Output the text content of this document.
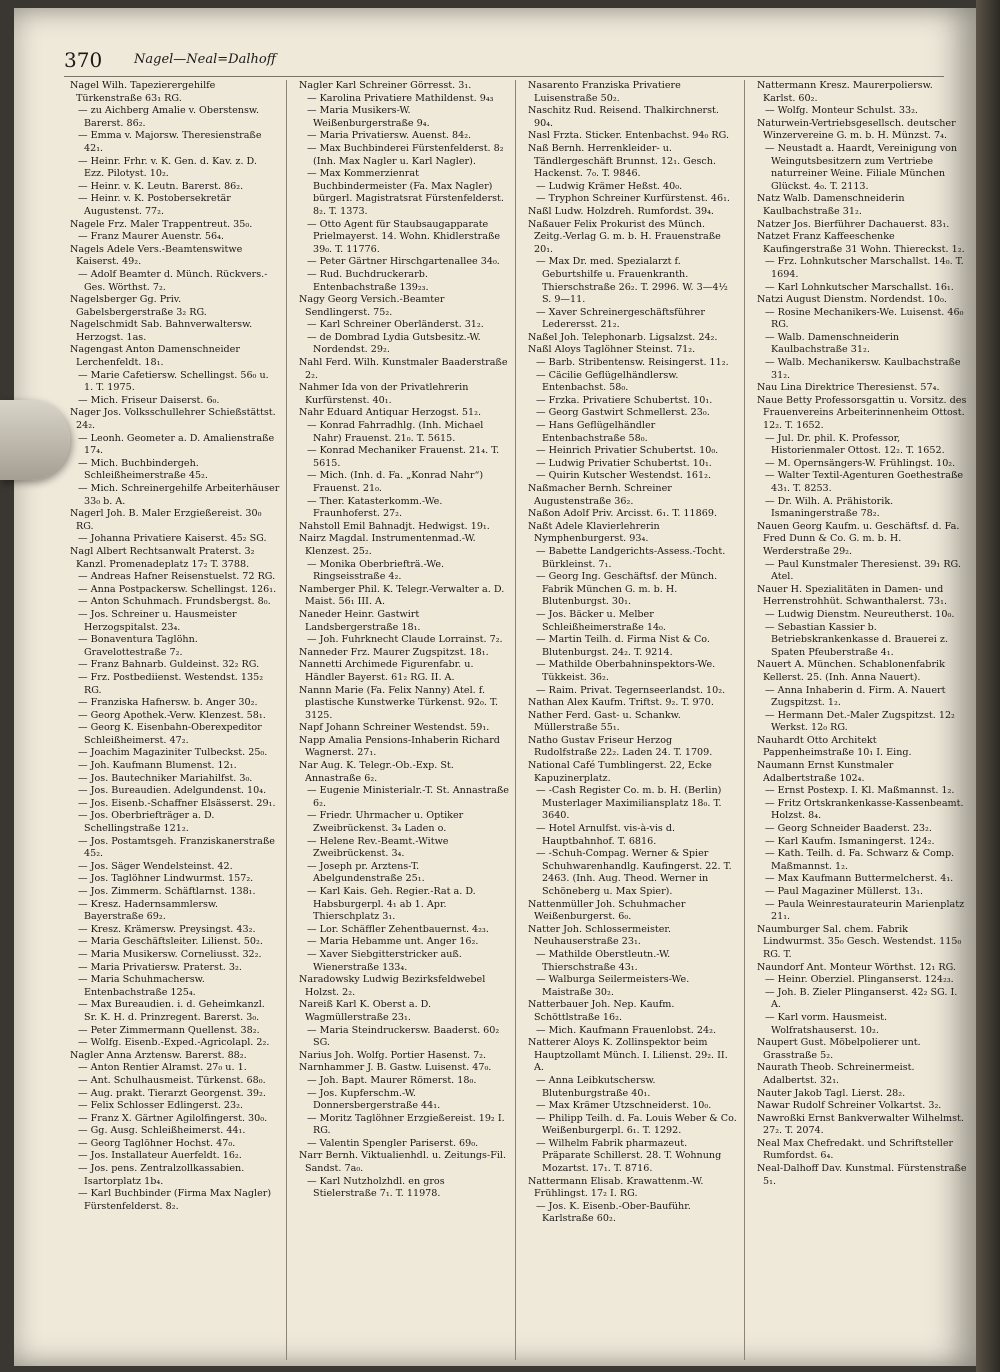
370 Nagel—Neal=Dalhoff

Nagel Wilh. Tapezierergehilfe Türkenstraße 63₁ RG.

— zu Aichberg Amalie v. Oberstensw. Barerst. 86₂.

— Emma v. Majorsw. Theresienstraße 42₁.

— Heinr. Frhr. v. K. Gen. d. Kav. z. D. Ezz. Pilotyst. 10₂.

— Heinr. v. K. Leutn. Barerst. 86₂.

— Heinr. v. K. Postobersekretär Augustenst. 77₂.

Nagele Frz. Maler Trappentreut. 35₀.

— Franz Maurer Auenstr. 56₄.

Nagels Adele Vers.-Beamtenswitwe Kaiserst. 49₂.

— Adolf Beamter d. Münch. Rückvers.-Ges. Wörthst. 7₂.

Nagelsberger Gg. Priv. Gabelsbergerstraße 3₂ RG.

Nagelschmidt Sab. Bahnverwaltersw. Herzogst. 1as.

Nagengast Anton Damenschneider Lerchenfeldt. 18₁.

— Marie Cafetiersw. Schellingst. 56₀ u. 1. T. 1975.

— Mich. Friseur Daiserst. 6₀.

Nager Jos. Volksschullehrer Schießstättst. 24₂.

— Leonh. Geometer a. D. Amalienstraße 17₄.

— Mich. Buchbindergeh. Schleißheimerstraße 45₂.

— Mich. Schreinergehilfe Arbeiterhäuser 33₀ b. A.

Nagerl Joh. B. Maler Erzgießereist. 30₀ RG.

— Johanna Privatiere Kaiserst. 45₂ SG.

Nagl Albert Rechtsanwalt Praterst. 3₂ Kanzl. Promenadeplatz 17₂ T. 3788.

— Andreas Hafner Reisenstuelst. 72 RG.

— Anna Postpackersw. Schellingst. 126₁.

— Anton Schuhmach. Frundsbergst. 8₀.

— Jos. Schreiner u. Hausmeister Herzogspitalst. 23₄.

— Bonaventura Taglöhn. Gravelottestraße 7₂.

— Franz Bahnarb. Guldeinst. 32₂ RG.

— Frz. Postbediienst. Westendst. 135₂ RG.

— Franziska Hafnersw. b. Anger 30₂.

— Georg Apothek.-Verw. Klenzest. 58₁.

— Georg K. Eisenbahn-Oberexpeditor Schleißheimerst. 47₂.

— Joachim Magaziniter Tulbeckst. 25₀.

— Joh. Kaufmann Blumenst. 12₁.

— Jos. Bautechniker Mariahilfst. 3₀.

— Jos. Bureaudien. Adelgundenst. 10₄.

— Jos. Eisenb.-Schaffner Elsässerst. 29₁.

— Jos. Oberbriefträger a. D. Schellingstraße 121₂.

— Jos. Postamtsgeh. Franziskanerstraße 45₂.

— Jos. Säger Wendelsteinst. 42.

— Jos. Taglöhner Lindwurmst. 157₂.

— Jos. Zimmerm. Schäftlarnst. 138₁.

— Kresz. Hadernsammlersw. Bayerstraße 69₂.

— Kresz. Krämersw. Preysingst. 43₂.

— Maria Geschäftsleiter. Lilienst. 50₂.

— Maria Musikersw. Corneliusst. 32₂.

— Maria Privatiersw. Praterst. 3₂.

— Maria Schuhmachersw. Entenbachstraße 125₄.

— Max Bureaudien. i. d. Geheimkanzl. Sr. K. H. d. Prinzregent. Barerst. 3₀.

— Peter Zimmermann Quellenst. 38₂.

— Wolfg. Eisenb.-Exped.-Agricolapl. 2₂.

Nagler Anna Arztensw. Barerst. 88₂.

— Anton Rentier Alramst. 27₀ u. 1.

— Ant. Schulhausmeist. Türkenst. 68₀.

— Aug. prakt. Tierarzt Georgenst. 39₂.

— Felix Schlosser Edlingerst. 23₂.

— Franz X. Gärtner Agilolfingerst. 30₀.

— Gg. Ausg. Schleißheimerst. 44₁.

— Georg Taglöhner Hochst. 47₀.

— Jos. Installateur Auerfeldt. 16₂.

— Jos. pens. Zentralzollkassabien. Isartorplatz 1b₄.

— Karl Buchbinder (Firma Max Nagler) Fürstenfelderst. 8₂.

Nagler Karl Schreiner Görresst. 3₁.

— Karolina Privatiere Mathildenst. 9₄₃

— Maria Musikers-W. Weißenburgerstraße 9₄.

— Maria Privatiersw. Auenst. 84₂.

— Max Buchbinderei Fürstenfelderst. 8₂ (Inh. Max Nagler u. Karl Nagler).

— Max Kommerzienrat Buchbindermeister (Fa. Max Nagler) bürgerl. Magistratsrat Fürstenfelderst. 8₂. T. 1373.

— Otto Agent für Staubsaugapparate Prielmayerst. 14. Wohn. Khidlerstraße 39₀. T. 11776.

— Peter Gärtner Hirschgartenallee 34₀.

— Rud. Buchdruckerarb. Entenbachstraße 139₂₃.

Nagy Georg Versich.-Beamter Sendlingerst. 75₂.

— Karl Schreiner Oberländerst. 31₂.

— de Dombrad Lydia Gutsbesitz.-W. Nordendst. 29₂.

Nahl Ferd. Wilh. Kunstmaler Baaderstraße 2₂.

Nahmer Ida von der Privatlehrerin Kurfürstenst. 40₁.

Nahr Eduard Antiquar Herzogst. 51₂.

— Konrad Fahrradhlg. (Inh. Michael Nahr) Frauenst. 21₀. T. 5615.

— Konrad Mechaniker Frauenst. 21₄. T. 5615.

— Mich. (Inh. d. Fa. „Konrad Nahr“) Frauenst. 21₀.

— Ther. Katasterkomm.-We. Fraunhoferst. 27₂.

Nahstoll Emil Bahnadjt. Hedwigst. 19₁.

Nairz Magdal. Instrumentenmad.-W. Klenzest. 25₂.

— Monika Oberbriefträ.-We. Ringseisstraße 4₂.

Namberger Phil. K. Telegr.-Verwalter a. D. Maist. 56₁ III. A.

Naneder Heinr. Gastwirt Landsbergerstraße 18₁.

— Joh. Fuhrknecht Claude Lorrainst. 7₂.

Nanneder Frz. Maurer Zugspitzst. 18₁.

Nannetti Archimede Figurenfabr. u. Händler Bayerst. 61₂ RG. II. A.

Nannn Marie (Fa. Felix Nanny) Atel. f. plastische Kunstwerke Türkenst. 92₀. T. 3125.

Napf Johann Schreiner Westendst. 59₁.

Napp Amalia Pensions-Inhaberin Richard Wagnerst. 27₁.

Nar Aug. K. Telegr.-Ob.-Exp. St. Annastraße 6₂.

— Eugenie Ministerialr.-T. St. Annastraße 6₂.

— Friedr. Uhrmacher u. Optiker Zweibrückenst. 3₄ Laden o.

— Helene Rev.-Beamt.-Witwe Zweibrückenst. 3₄.

— Joseph pr. Arztens-T. Abelgundenstraße 25₁.

— Karl Kais. Geh. Regier.-Rat a. D. Habsburgerpl. 4₁ ab 1. Apr. Thierschplatz 3₁.

— Lor. Schäffler Zehentbauernst. 4₂₃.

— Maria Hebamme unt. Anger 16₂.

— Xaver Siebgitterstricker auß. Wienerstraße 133₄.

Naradowsky Ludwig Bezirksfeldwebel Holzst. 2₂.

Nareiß Karl K. Oberst a. D. Wagmüllerstraße 23₁.

— Maria Steindruckersw. Baaderst. 60₂ SG.

Narius Joh. Wolfg. Portier Hasenst. 7₂.

Narnhammer J. B. Gastw. Luisenst. 47₀.

— Joh. Bapt. Maurer Römerst. 18₀.

— Jos. Kupferschm.-W. Donnersbergerstraße 44₁.

— Moritz Taglöhner Erzgießereist. 19₂ I. RG.

— Valentin Spengler Pariserst. 69₀.

Narr Bernh. Viktualienhdl. u. Zeitungs-Fil. Sandst. 7a₀.

— Karl Nutzholzhdl. en gros Stielerstraße 7₁. T. 11978.

Nasarento Franziska Privatiere Luisenstraße 50₂.

Naschitz Rud. Reisend. Thalkirchnerst. 90₄.

Nasl Frzta. Sticker. Entenbachst. 94₀ RG.

Naß Bernh. Herrenkleider- u. Tändlergeschäft Brunnst. 12₁. Gesch. Hackenst. 7₀. T. 9846.

— Ludwig Krämer Heßst. 40₀.

— Tryphon Schreiner Kurfürstenst. 46₁.

Naßl Ludw. Holzdreh. Rumfordst. 39₄.

Naßauer Felix Prokurist des Münch. Zeitg.-Verlag G. m. b. H. Frauenstraße 20₁.

— Max Dr. med. Spezialarzt f. Geburtshilfe u. Frauenkranth. Thierschstraße 26₂. T. 2996. W. 3—4½ S. 9—11.

— Xaver Schreinergeschäftsführer Lederersst. 21₂.

Naßel Joh. Telephonarb. Ligsalzst. 24₂.

Naßl Aloys Taglöhner Steinst. 71₂.

— Barb. Stribentensw. Reisingerst. 11₂.

— Cäcilie Geflügelhändlersw. Entenbachst. 58₀.

— Frzka. Privatiere Schubertst. 10₁.

— Georg Gastwirt Schmellerst. 23₀.

— Hans Geflügelhändler Entenbachstraße 58₀.

— Heinrich Privatier Schubertst. 10₀.

— Ludwig Privatier Schubertst. 10₁.

— Quirin Kutscher Westendst. 161₂.

Naßmacher Bernh. Schreiner Augustenstraße 36₂.

Naßon Adolf Priv. Arcisst. 6₁. T. 11869.

Naßt Adele Klavierlehrerin Nymphenburgerst. 93₄.

— Babette Landgerichts-Assess.-Tocht. Bürkleinst. 7₁.

— Georg Ing. Geschäftsf. der Münch. Fabrik München G. m. b. H. Blutenburgst. 30₁.

— Jos. Bäcker u. Melber Schleißheimerstraße 14₀.

— Martin Teilh. d. Firma Nist & Co. Blutenburgst. 24₂. T. 9214.

— Mathilde Oberbahninspektors-We. Tükkeist. 36₂.

— Raim. Privat. Tegernseerlandst. 10₂.

Nathan Alex Kaufm. Triftst. 9₂. T. 970.

Nather Ferd. Gast- u. Schankw. Müllerstraße 55₁.

Natho Gustav Friseur Herzog Rudolfstraße 22₂. Laden 24. T. 1709.

National Café Tumblingerst. 22, Ecke Kapuzinerplatz.

— -Cash Register Co. m. b. H. (Berlin) Musterlager Maximiliansplatz 18₀. T. 3640.

— Hotel Arnulfst. vis-à-vis d. Hauptbahnhof. T. 6816.

— -Schuh-Compag. Werner & Spier Schuhwarenhandlg. Kaufingerst. 22. T. 2463. (Inh. Aug. Theod. Werner in Schöneberg u. Max Spier).

Nattenmüller Joh. Schuhmacher Weißenburgerst. 6₀.

Natter Joh. Schlossermeister. Neuhauserstraße 23₁.

— Mathilde Oberstleutn.-W. Thierschstraße 43₁.

— Walburga Seilermeisters-We. Maistraße 30₂.

Natterbauer Joh. Nep. Kaufm. Schöttlstraße 16₂.

— Mich. Kaufmann Frauenlobst. 24₂.

Natterer Aloys K. Zollinspektor beim Hauptzollamt Münch. I. Lilienst. 29₂. II. A.

— Anna Leibkutschersw. Blutenburgstraße 40₁.

— Max Krämer Utzschneiderst. 10₀.

— Philipp Teilh. d. Fa. Louis Weber & Co. Weißenburgerpl. 6₁. T. 1292.

— Wilhelm Fabrik pharmazeut. Präparate Schillerst. 28. T. Wohnung Mozartst. 17₁. T. 8716.

Nattermann Elisab. Krawattenm.-W. Frühlingst. 17₂ I. RG.

— Jos. K. Eisenb.-Ober-Bauführ. Karlstraße 60₂.

Nattermann Kresz. Maurerpoliersw. Karlst. 60₂.

— Wolfg. Monteur Schulst. 33₂.

Naturwein-Vertriebsgesellsch. deutscher Winzervereine G. m. b. H. Münzst. 7₄.

— Neustadt a. Haardt, Vereinigung von Weingutsbesitzern zum Vertriebe naturreiner Weine. Filiale München Glückst. 4₀. T. 2113.

Natz Walb. Damenschneiderin Kaulbachstraße 31₂.

Natzer Jos. Bierführer Dachauerst. 83₁.

Natzet Franz Kaffeeschenke Kaufingerstraße 31 Wohn. Thiereckst. 1₂.

— Frz. Lohnkutscher Marschallst. 14₀. T. 1694.

— Karl Lohnkutscher Marschallst. 16₁.

Natzi August Dienstm. Nordendst. 10₀.

— Rosine Mechanikers-We. Luisenst. 46₀ RG.

— Walb. Damenschneiderin Kaulbachstraße 31₂.

— Walb. Mechanikersw. Kaulbachstraße 31₂.

Nau Lina Direktrice Theresienst. 57₄.

Naue Betty Professorsgattin u. Vorsitz. des Frauenvereins Arbeiterinnenheim Ottost. 12₂. T. 1652.

— Jul. Dr. phil. K. Professor, Historienmaler Ottost. 12₂. T. 1652.

— M. Opernsängers-W. Frühlingst. 10₂.

— Walter Textil-Agenturen Goethestraße 43₁. T. 8253.

— Dr. Wilh. A. Prähistorik. Ismaningerstraße 78₂.

Nauen Georg Kaufm. u. Geschäftsf. d. Fa. Fred Dunn & Co. G. m. b. H. Werderstraße 29₂.

— Paul Kunstmaler Theresienst. 39₁ RG. Atel.

Nauer H. Spezialitäten in Damen- und Herrenstrohhüt. Schwanthalerst. 73₁.

— Ludwig Dienstm. Neureutherst. 10₀.

— Sebastian Kassier b. Betriebskrankenkasse d. Brauerei z. Spaten Pfeuberstraße 4₁.

Nauert A. München. Schablonenfabrik Kellerst. 25. (Inh. Anna Nauert).

— Anna Inhaberin d. Firm. A. Nauert Zugspitzst. 1₂.

— Hermann Det.-Maler Zugspitzst. 12₂ Werkst. 12₀ RG.

Nauhardt Otto Architekt Pappenheimstraße 10₁ I. Eing.

Naumann Ernst Kunstmaler Adalbertstraße 102₄.

— Ernst Postexp. I. Kl. Maßmannst. 1₂.

— Fritz Ortskrankenkasse-Kassenbeamt. Holzst. 8₄.

— Georg Schneider Baaderst. 23₂.

— Karl Kaufm. Ismaningerst. 124₂.

— Kath. Teilh. d. Fa. Schwarz & Comp. Maßmannst. 1₂.

— Max Kaufmann Buttermelcherst. 4₁.

— Paul Magaziner Müllerst. 13₁.

— Paula Weinrestaurateurin Marienplatz 21₁.

Naumburger Sal. chem. Fabrik Lindwurmst. 35₀ Gesch. Westendst. 115₀ RG. T.

Naundorf Ant. Monteur Wörthst. 12₁ RG.

— Heinr. Oberziel. Plinganserst. 124₂₃.

— Joh. B. Zieler Plinganserst. 42₂ SG. I. A.

— Karl vorm. Hausmeist. Wolfratshauserst. 10₂.

Naupert Gust. Möbelpolierer unt. Grasstraße 5₂.

Naurath Theob. Schreinermeist. Adalbertst. 32₁.

Nauter Jakob Tagl. Lierst. 28₂.

Nawar Rudolf Schreiner Volkartst. 3₂.

Nawroßki Ernst Bankverwalter Wilhelmst. 27₂. T. 2074.

Neal Max Chefredakt. und Schriftsteller Rumfordst. 6₄.

Neal-Dalhoff Dav. Kunstmal. Fürstenstraße 5₁.
